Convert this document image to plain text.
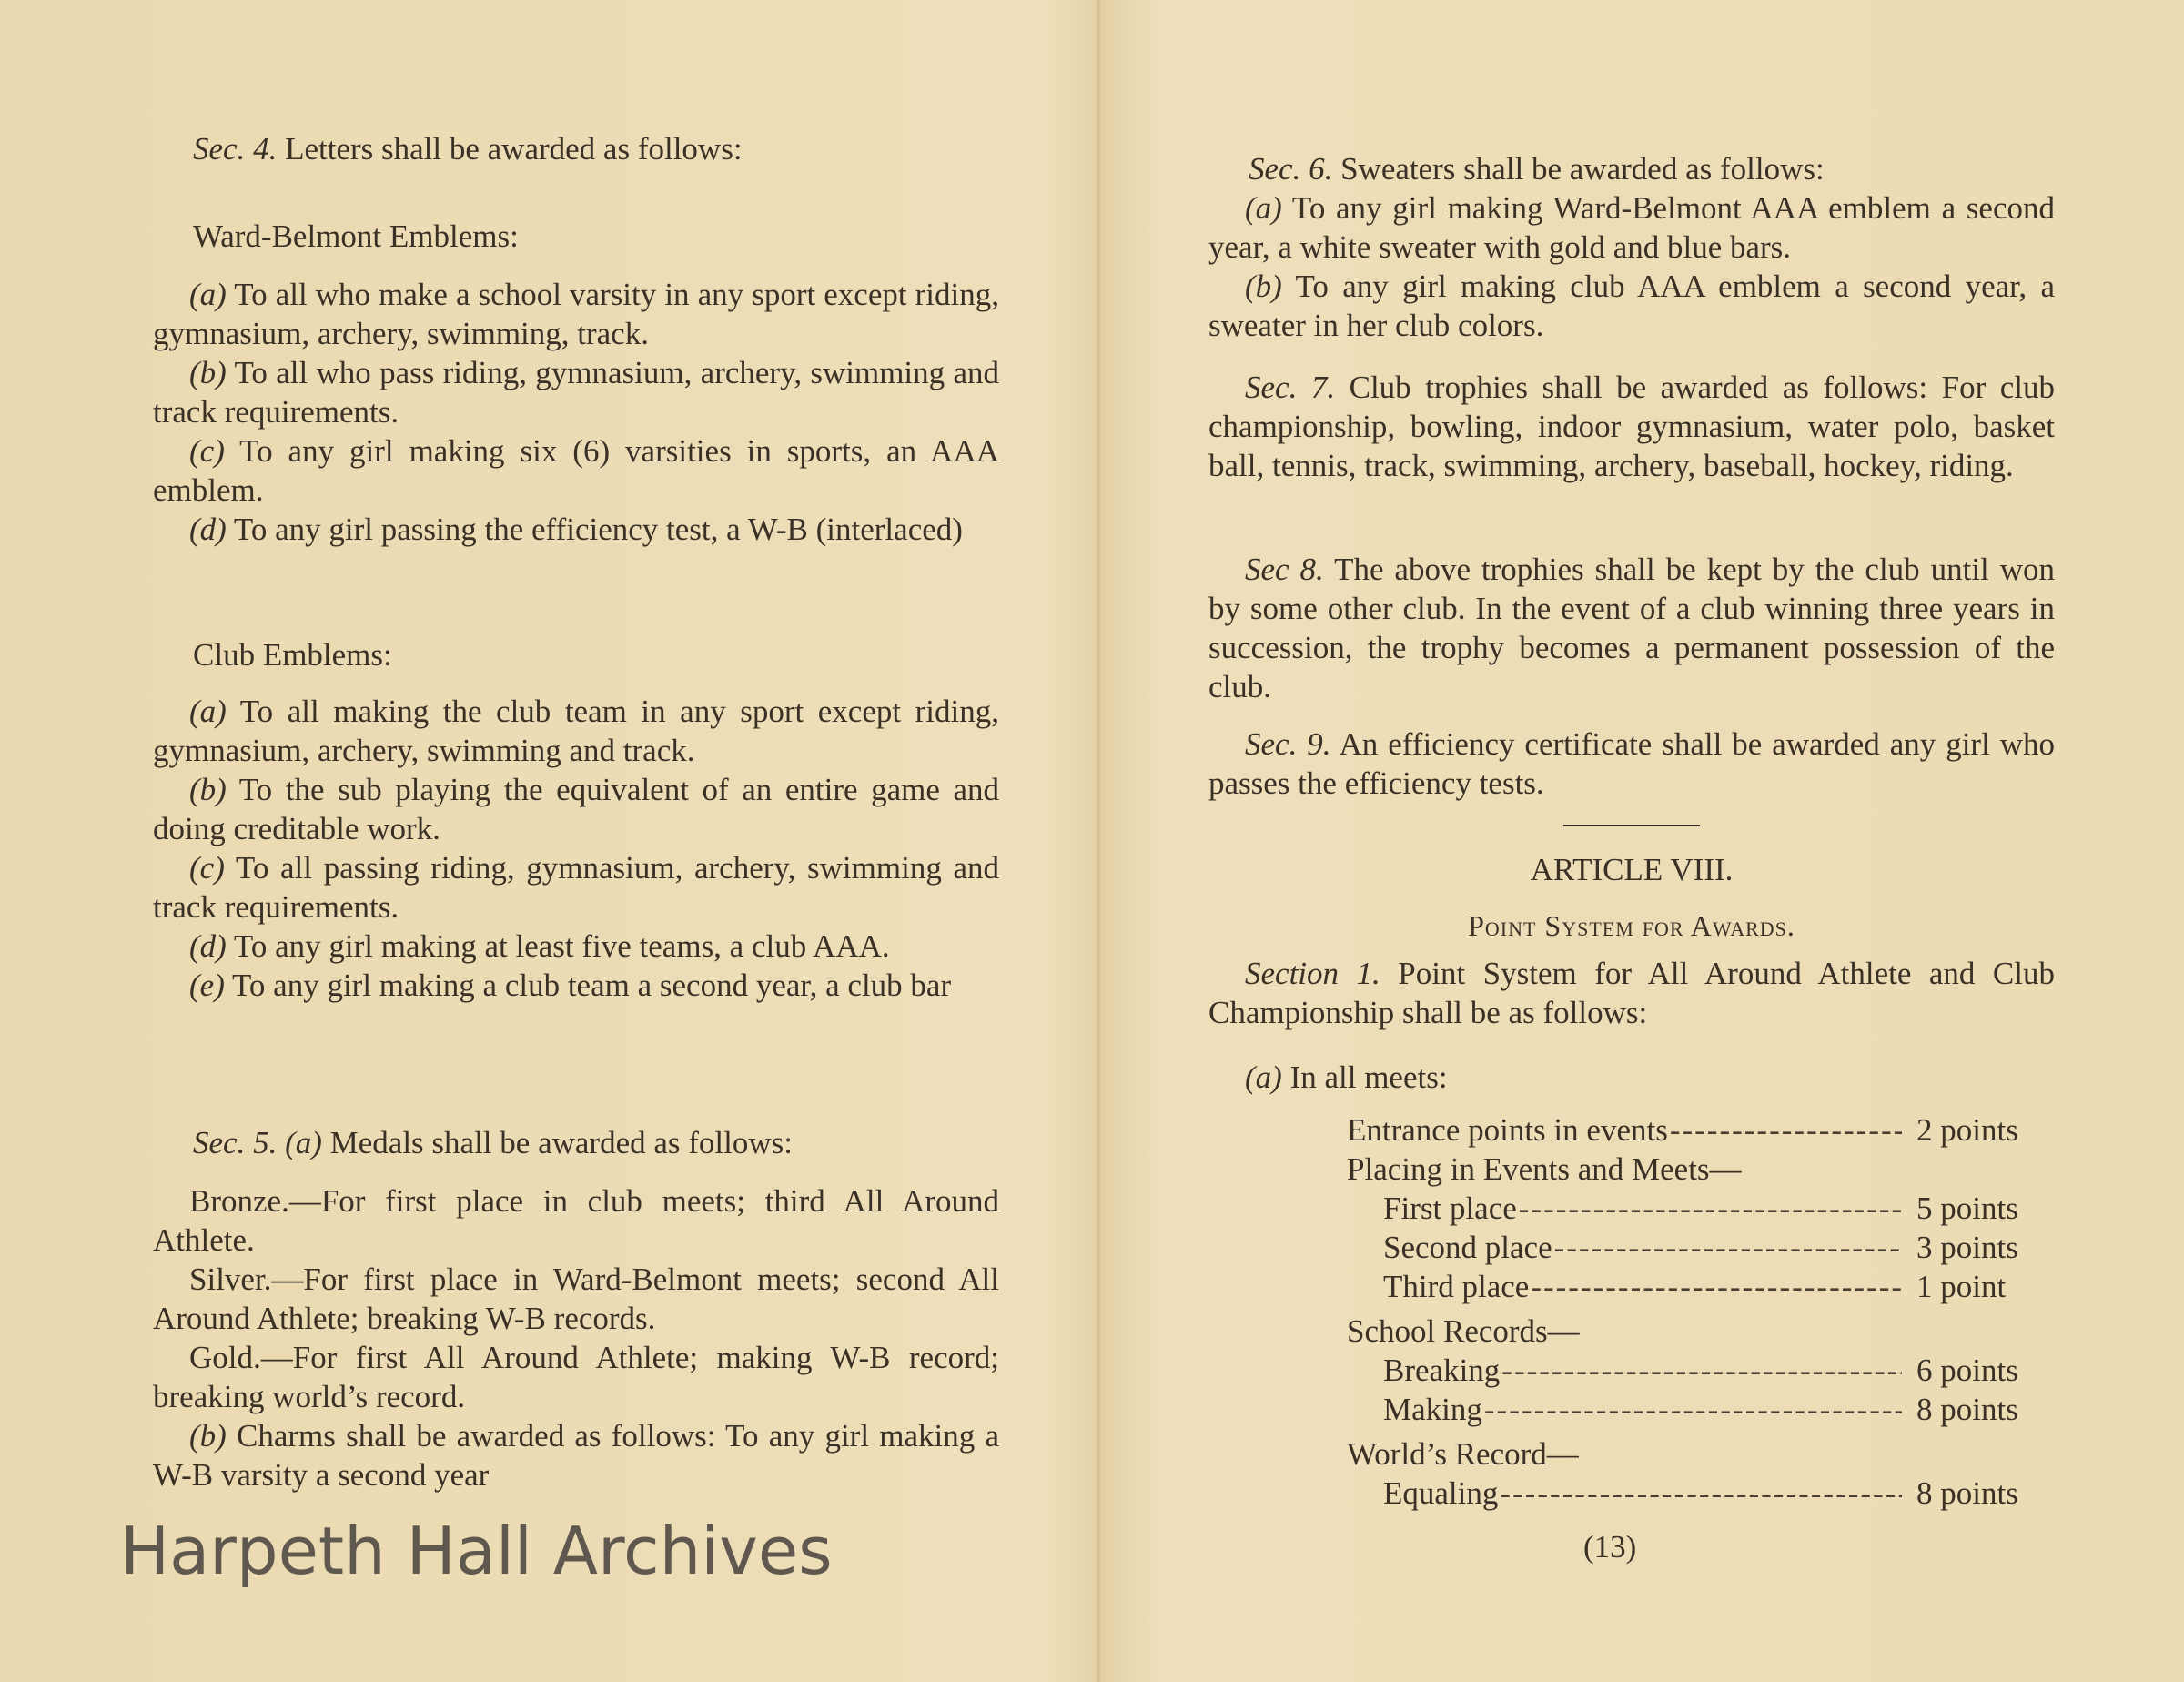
Sec. 4. Letters shall be awarded as follows:

Ward-Belmont Emblems:

(a) To all who make a school varsity in any sport except riding, gymnasium, archery, swimming, track.

(b) To all who pass riding, gymnasium, archery, swimming and track requirements.

(c) To any girl making six (6) varsities in sports, an AAA emblem.

(d) To any girl passing the efficiency test, a W-B (interlaced)

Club Emblems:

(a) To all making the club team in any sport except riding, gymnasium, archery, swimming and track.

(b) To the sub playing the equivalent of an entire game and doing creditable work.

(c) To all passing riding, gymnasium, archery, swimming and track requirements.

(d) To any girl making at least five teams, a club AAA.

(e) To any girl making a club team a second year, a club bar

Sec. 5. (a) Medals shall be awarded as follows:

Bronze.—For first place in club meets; third All Around Athlete.

Silver.—For first place in Ward-Belmont meets; second All Around Athlete; breaking W-B records.

Gold.—For first All Around Athlete; making W-B record; breaking world’s record.

(b) Charms shall be awarded as follows: To any girl making a W-B varsity a second year

Sec. 6. Sweaters shall be awarded as follows:

(a) To any girl making Ward-Belmont AAA emblem a second year, a white sweater with gold and blue bars.

(b) To any girl making club AAA emblem a second year, a sweater in her club colors.

Sec. 7. Club trophies shall be awarded as follows: For club championship, bowling, indoor gymnasium, water polo, basket ball, tennis, track, swimming, archery, baseball, hockey, riding.

Sec 8. The above trophies shall be kept by the club until won by some other club. In the event of a club winning three years in succession, the trophy becomes a permanent possession of the club.

Sec. 9. An efficiency certificate shall be awarded any girl who passes the efficiency tests.

ARTICLE VIII.
Point System for Awards.

Section 1. Point System for All Around Athlete and Club Championship shall be as follows:

(a) In all meets:

Entrance points in events -----	2 points
Placing in Events and Meets—
First place -----	5 points
Second place -----	3 points
Third place -----	1 point
School Records—
Breaking -----	6 points
Making -----	8 points
World’s Record—
Equaling -----	8 points
(13)
Harpeth Hall Archives
